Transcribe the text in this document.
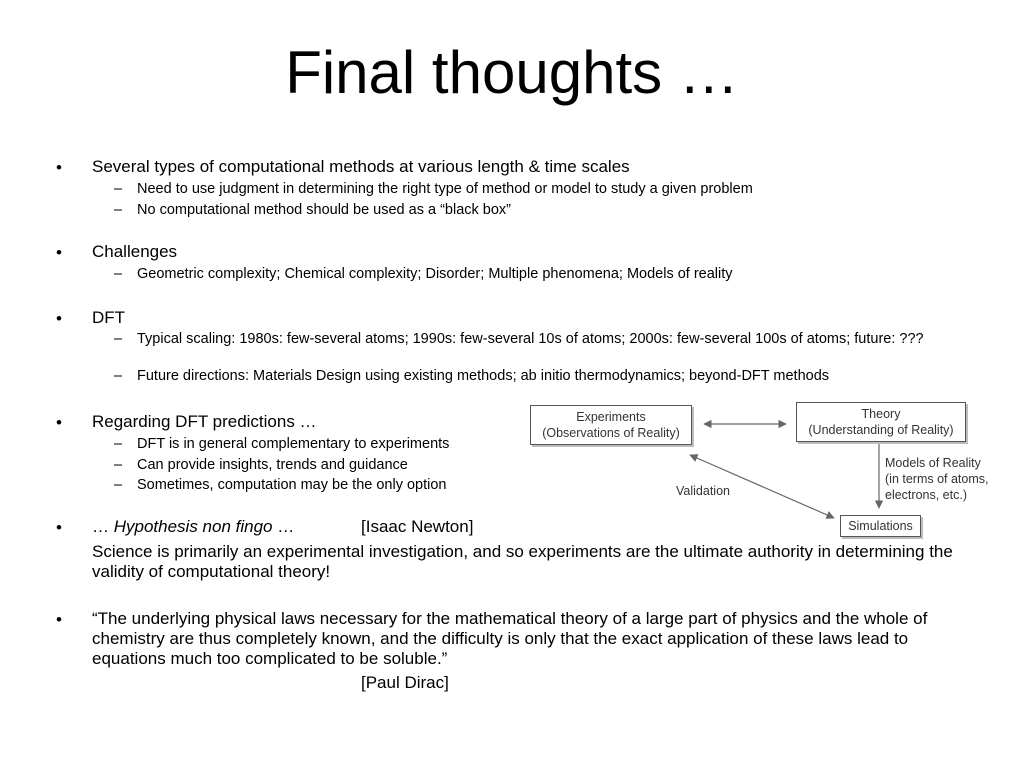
Final thoughts …
• Several types of computational methods at various length & time scales
– Need to use judgment in determining the right type of method or model to study a given problem
– No computational method should be used as a “black box”
• Challenges
– Geometric complexity; Chemical complexity; Disorder; Multiple phenomena; Models of reality
• DFT
– Typical scaling: 1980s: few-several atoms; 1990s: few-several 10s of atoms; 2000s: few-several 100s of atoms; future: ???
– Future directions: Materials Design using existing methods; ab initio thermodynamics; beyond-DFT methods
• Regarding DFT predictions …
– DFT is in general complementary to experiments
– Can provide insights, trends and guidance
– Sometimes, computation may be the only option
• … Hypothesis non fingo …	[Isaac Newton]
Science is primarily an experimental investigation, and so experiments are the ultimate authority in determining the validity of computational theory!
• “The underlying physical laws necessary for the mathematical theory of a large part of physics and the whole of chemistry are thus completely known, and the difficulty is only that the exact application of these laws lead to equations much too complicated to be soluble.”
[Paul Dirac]
Experiments
(Observations of Reality)
Theory
(Understanding of Reality)
Simulations
Validation
Models of Reality
(in terms of atoms,
electrons, etc.)
